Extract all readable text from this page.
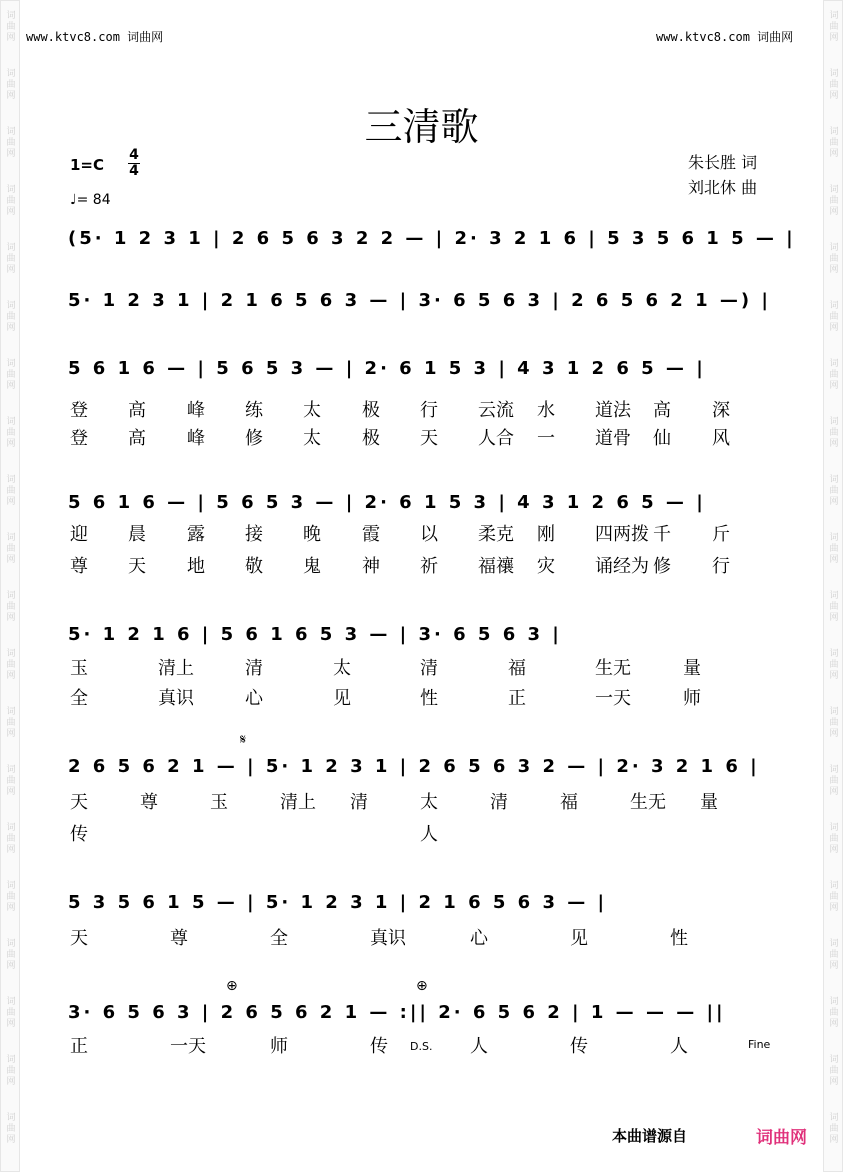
词曲网
词曲网
词曲网
词曲网
词曲网
词曲网
词曲网
词曲网
词曲网
词曲网
词曲网
词曲网
词曲网
词曲网
词曲网
词曲网
词曲网
词曲网
词曲网
词曲网
词曲网
词曲网
词曲网
词曲网
词曲网
词曲网
词曲网
词曲网
词曲网
词曲网
词曲网
词曲网
词曲网
词曲网
词曲网
词曲网
词曲网
词曲网
词曲网
词曲网
www.ktvc8.com 词曲网	www.ktvc8.com 词曲网
三清歌
朱长胜 词
刘北休 曲
1=C
4
4
♩= 84
(5· 1 2 3 1 | 2 6 5 6 3 2 2 — | 2· 3 2 1 6 | 5 3 5 6 1 5 — |
5· 1 2 3 1 | 2 1 6 5 6 3 — | 3· 6 5 6 3 | 2 6 5 6 2 1 —) |
5 6 1 6 — | 5 6 5 3 — | 2· 6 1 5 3 | 4 3 1 2 6 5 — |
登 高 峰 练 太 极 行 云流 水 道法 高 深
登 高 峰 修 太 极 天 人合 一 道骨 仙 风
5 6 1 6 — | 5 6 5 3 — | 2· 6 1 5 3 | 4 3 1 2 6 5 — |
迎 晨 露 接 晚 霞 以 柔克 刚 四两拨 千 斤
尊 天 地 敬 鬼 神 祈 福禳 灾 诵经为 修 行
5· 1 2 1 6 | 5 6 1 6 5 3 — | 3· 6 5 6 3 |
玉	清上	清	太	清	福	生无	量
全	真识	心	见	性	正	一天	师
𝄋
2 6 5 6 2 1 — | 5· 1 2 3 1 | 2 6 5 6 3 2 — | 2· 3 2 1 6 |
天	尊	玉	清上 清	太	清	福	生无 量
传	人
5 3 5 6 1 5 — | 5· 1 2 3 1 | 2 1 6 5 6 3 — |
天	尊	全	真识	心	见	性
⊕	⊕
3· 6 5 6 3 | 2 6 5 6 2 1 — :|| 2· 6 5 6 2 | 1 — — — ||
正	一天	师	传	人	传	人
D.S.	Fine
本曲谱源自	词曲网
